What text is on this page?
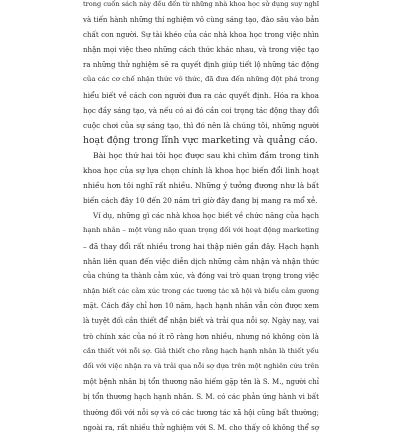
trong cuốn sách này đều đến từ những nhà khoa học sử dụng suy nghĩ
và tiến hành những thí nghiệm vô cùng sáng tạo, đào sâu vào bản
chất con người. Sự tài khéo của các nhà khoa học trong việc nhìn
nhận mọi việc theo những cách thức khác nhau, và trong việc tạo
ra những thử nghiệm sẽ ra quyết định giúp tiết lộ những tác động
của các cơ chế nhận thức vô thức, đã đưa đến những đột phá trong
hiểu biết về cách con người đưa ra các quyết định. Hóa ra khoa
học đầy sáng tạo, và nếu có ai đó cần coi trọng tác động thay đổi
cuộc chơi của sự sáng tạo, thì đó nên là chúng tôi, những người
hoạt động trong lĩnh vực marketing và quảng cáo.
Bài học thứ hai tôi học được sau khi chìm đắm trong tinh
khoa học của sự lựa chọn chính là khoa học biến đổi linh hoạt
nhiều hơn tôi nghĩ rất nhiều. Những ý tưởng đương như là bất
biến cách đây 10 đến 20 năm trì giờ đây đang bị mang ra mổ xẻ.
Ví dụ, những gì các nhà khoa học biết về chức năng của hạch
hạnh nhân – một vùng não quan trọng đối với hoạt động marketing
– đã thay đổi rất nhiều trong hai thập niên gần đây. Hạch hạnh
nhân liên quan đến việc diễn dịch những cảm nhận và nhận thức
của chúng ta thành cảm xúc, và đóng vai trò quan trọng trong việc
nhận biết các cảm xúc trong các tương tác xã hội và biểu cảm gương
mặt. Cách đây chỉ hơn 10 năm, hạch hạnh nhân vẫn còn được xem
là tuyệt đối cần thiết để nhận biết và trải qua nỗi sợ. Ngày nay, vai
trò chính xác của nó ít rõ ràng hơn nhiều, nhưng nó không còn là
cần thiết với nỗi sợ. Giả thiết cho rằng hạch hạnh nhân là thiết yếu
đối với việc nhận ra và trải qua nỗi sợ dựa trên một nghiên cứu trên
một bệnh nhân bị tổn thương não hiếm gặp tên là S. M., người chỉ
bị tổn thương hạch hạnh nhân. S. M. có các phản ứng hành vi bất
thường đối với nỗi sợ và có các tương tác xã hội cũng bất thường;
ngoài ra, rất nhiều thử nghiệm với S. M. cho thấy cô không thể sợ
